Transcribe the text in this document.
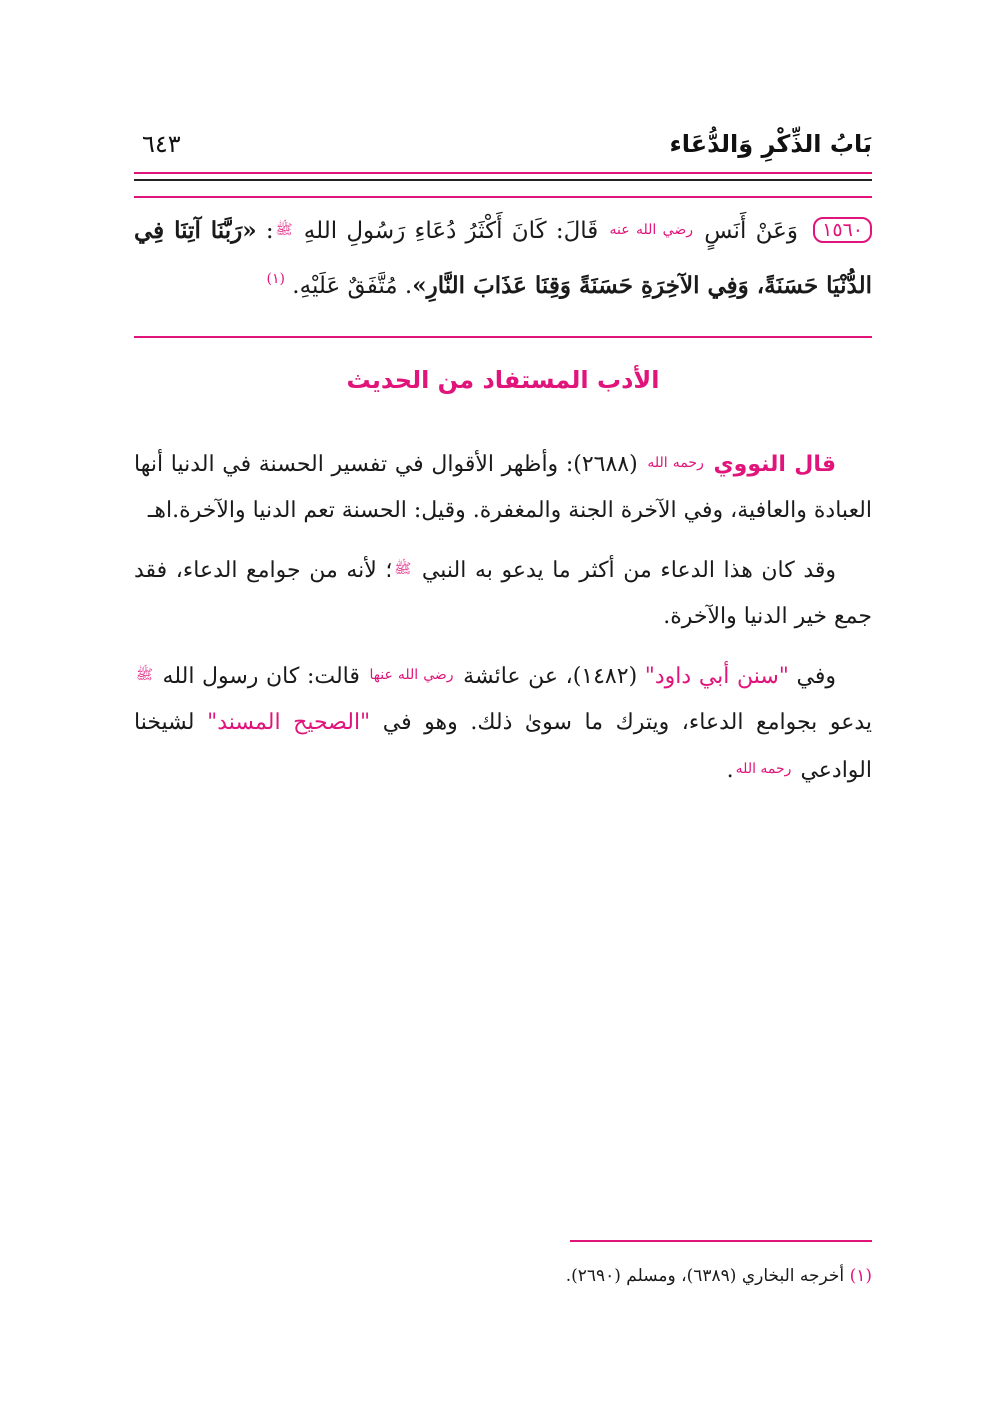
بَابُ الذِّكْرِ وَالدُّعَاء
٦٤٣
١٥٦٠ وَعَنْ أَنَسٍ رضي الله عنه قَالَ: كَانَ أَكْثَرُ دُعَاءِ رَسُولِ اللهِ ﷺ: «رَبَّنَا آتِنَا فِي الدُّنْيَا حَسَنَةً، وَفِي الآخِرَةِ حَسَنَةً وَقِنَا عَذَابَ النَّارِ». مُتَّفَقٌ عَلَيْهِ. $^{(١)}$
الأدب المستفاد من الحديث

قال النووي رحمه الله (٢٦٨٨): وأظهر الأقوال في تفسير الحسنة في الدنيا أنها العبادة والعافية، وفي الآخرة الجنة والمغفرة. وقيل: الحسنة تعم الدنيا والآخرة.اهـ

وقد كان هذا الدعاء من أكثر ما يدعو به النبي ﷺ؛ لأنه من جوامع الدعاء، فقد جمع خير الدنيا والآخرة.

وفي "سنن أبي داود" (١٤٨٢)، عن عائشة رضي الله عنها قالت: كان رسول الله ﷺ يدعو بجوامع الدعاء، ويترك ما سوىٰ ذلك. وهو في "الصحيح المسند" لشيخنا الوادعي رحمه الله.

(١) أخرجه البخاري (٦٣٨٩)، ومسلم (٢٦٩٠).
